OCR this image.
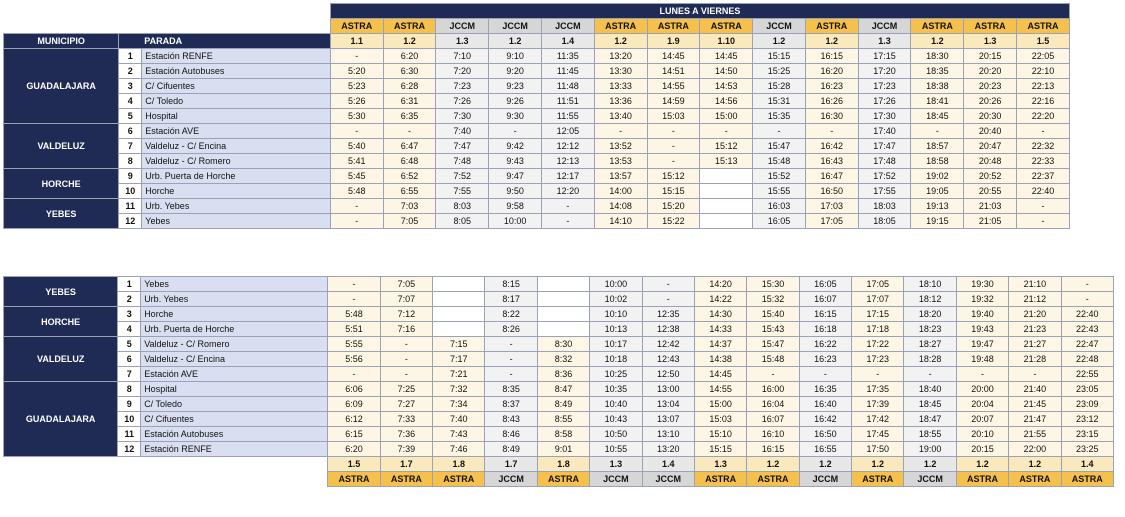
			LUNES A VIERNES													
			ASTRA	ASTRA	JCCM	JCCM	JCCM	ASTRA	ASTRA	ASTRA	JCCM	ASTRA	JCCM	ASTRA	ASTRA	ASTRA
MUNICIPIO	PARADA		1.1	1.2	1.3	1.2	1.4	1.2	1.9	1.10	1.2	1.2	1.3	1.2	1.3	1.5
GUADALAJARA	1	Estación RENFE	-	6:20	7:10	9:10	11:35	13:20	14:45	14:45	15:15	16:15	17:15	18:30	20:15	22:05
	2	Estación Autobuses	5:20	6:30	7:20	9:20	11:45	13:30	14:51	14:50	15:25	16:20	17:20	18:35	20:20	22:10
	3	C/ Cifuentes	5:23	6:28	7:23	9:23	11:48	13:33	14:55	14:53	15:28	16:23	17:23	18:38	20:23	22:13
	4	C/ Toledo	5:26	6:31	7:26	9:26	11:51	13:36	14:59	14:56	15:31	16:26	17:26	18:41	20:26	22:16
	5	Hospital	5:30	6:35	7:30	9:30	11:55	13:40	15:03	15:00	15:35	16:30	17:30	18:45	20:30	22:20
VALDELUZ	6	Estación AVE	-	-	7:40	-	12:05	-	-	-	-	-	17:40	-	20:40	-
	7	Valdeluz - C/ Encina	5:40	6:47	7:47	9:42	12:12	13:52	-	15:12	15:47	16:42	17:47	18:57	20:47	22:32
	8	Valdeluz - C/ Romero	5:41	6:48	7:48	9:43	12:13	13:53	-	15:13	15:48	16:43	17:48	18:58	20:48	22:33
HORCHE	9	Urb. Puerta de Horche	5:45	6:52	7:52	9:47	12:17	13:57	15:12		15:52	16:47	17:52	19:02	20:52	22:37
	10	Horche	5:48	6:55	7:55	9:50	12:20	14:00	15:15		15:55	16:50	17:55	19:05	20:55	22:40
YEBES	11	Urb. Yebes	-	7:03	8:03	9:58	-	14:08	15:20		16:03	17:03	18:03	19:13	21:03	-
	12	Yebes	-	7:05	8:05	10:00	-	14:10	15:22		16:05	17:05	18:05	19:15	21:05	-
YEBES	1	Yebes	-	7:05		8:15		10:00	-	14:20	15:30	16:05	17:05	18:10	19:30	21:10	-
	2	Urb. Yebes	-	7:07		8:17		10:02	-	14:22	15:32	16:07	17:07	18:12	19:32	21:12	-
HORCHE	3	Horche	5:48	7:12		8:22		10:10	12:35	14:30	15:40	16:15	17:15	18:20	19:40	21:20	22:40
	4	Urb. Puerta de Horche	5:51	7:16		8:26		10:13	12:38	14:33	15:43	16:18	17:18	18:23	19:43	21:23	22:43
VALDELUZ	5	Valdeluz - C/ Romero	5:55	-	7:15	-	8:30	10:17	12:42	14:37	15:47	16:22	17:22	18:27	19:47	21:27	22:47
	6	Valdeluz - C/ Encina	5:56	-	7:17	-	8:32	10:18	12:43	14:38	15:48	16:23	17:23	18:28	19:48	21:28	22:48
	7	Estación AVE	-	-	7:21	-	8:36	10:25	12:50	14:45	-	-	-	-	-	-	22:55
GUADALAJARA	8	Hospital	6:06	7:25	7:32	8:35	8:47	10:35	13:00	14:55	16:00	16:35	17:35	18:40	20:00	21:40	23:05
	9	C/ Toledo	6:09	7:27	7:34	8:37	8:49	10:40	13:04	15:00	16:04	16:40	17:39	18:45	20:04	21:45	23:09
	10	C/ Cifuentes	6:12	7:33	7:40	8:43	8:55	10:43	13:07	15:03	16:07	16:42	17:42	18:47	20:07	21:47	23:12
	11	Estación Autobuses	6:15	7:36	7:43	8:46	8:58	10:50	13:10	15:10	16:10	16:50	17:45	18:55	20:10	21:55	23:15
	12	Estación RENFE	6:20	7:39	7:46	8:49	9:01	10:55	13:20	15:15	16:15	16:55	17:50	19:00	20:15	22:00	23:25
			1.5	1.7	1.8	1.7	1.8	1.3	1.4	1.3	1.2	1.2	1.2	1.2	1.2	1.2	1.4
			ASTRA	ASTRA	ASTRA	JCCM	ASTRA	JCCM	JCCM	ASTRA	ASTRA	JCCM	ASTRA	JCCM	ASTRA	ASTRA	ASTRA
